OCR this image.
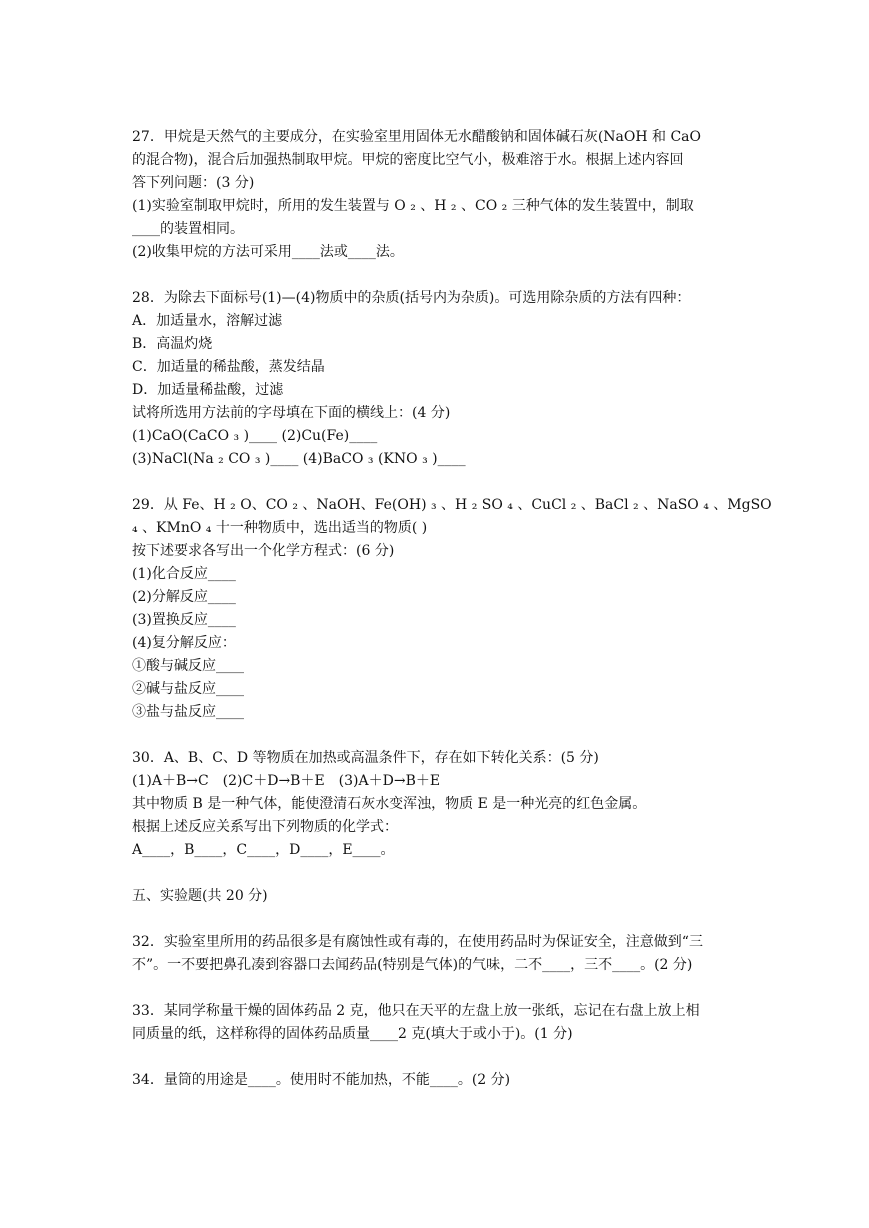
27．甲烷是天然气的主要成分，在实验室里用固体无水醋酸钠和固体碱石灰(NaOH 和 CaO
的混合物)，混合后加强热制取甲烷。甲烷的密度比空气小，极难溶于水。根据上述内容回
答下列问题：(3 分)
(1)实验室制取甲烷时，所用的发生装置与 O ₂ 、H ₂ 、CO ₂ 三种气体的发生装置中，制取
____的装置相同。
(2)收集甲烷的方法可采用____法或____法。
28．为除去下面标号(1)—(4)物质中的杂质(括号内为杂质)。可选用除杂质的方法有四种：
A．加适量水，溶解过滤
B．高温灼烧
C．加适量的稀盐酸，蒸发结晶
D．加适量稀盐酸，过滤
试将所选用方法前的字母填在下面的横线上：(4 分)
(1)CaO(CaCO ₃ )____ (2)Cu(Fe)____
(3)NaCl(Na ₂ CO ₃ )____ (4)BaCO ₃ (KNO ₃ )____
29．从 Fe、H ₂ O、CO ₂ 、NaOH、Fe(OH) ₃ 、H ₂ SO ₄ 、CuCl ₂ 、BaCl ₂ 、NaSO ₄ 、MgSO
₄ 、KMnO ₄ 十一种物质中，选出适当的物质( )
按下述要求各写出一个化学方程式：(6 分)
(1)化合反应____
(2)分解反应____
(3)置换反应____
(4)复分解反应：
①酸与碱反应____
②碱与盐反应____
③盐与盐反应____
30．A、B、C、D 等物质在加热或高温条件下，存在如下转化关系：(5 分)
(1)A＋B→C　(2)C＋D→B＋E　(3)A＋D→B＋E
其中物质 B 是一种气体，能使澄清石灰水变浑浊，物质 E 是一种光亮的红色金属。
根据上述反应关系写出下列物质的化学式：
A____，B____，C____，D____，E____。
五、实验题(共 20 分)
32．实验室里所用的药品很多是有腐蚀性或有毒的，在使用药品时为保证安全，注意做到“三
不”。一不要把鼻孔凑到容器口去闻药品(特别是气体)的气味，二不____，三不____。(2 分)
33．某同学称量干燥的固体药品 2 克，他只在天平的左盘上放一张纸，忘记在右盘上放上相
同质量的纸，这样称得的固体药品质量____2 克(填大于或小于)。(1 分)
34．量筒的用途是____。使用时不能加热，不能____。(2 分)
